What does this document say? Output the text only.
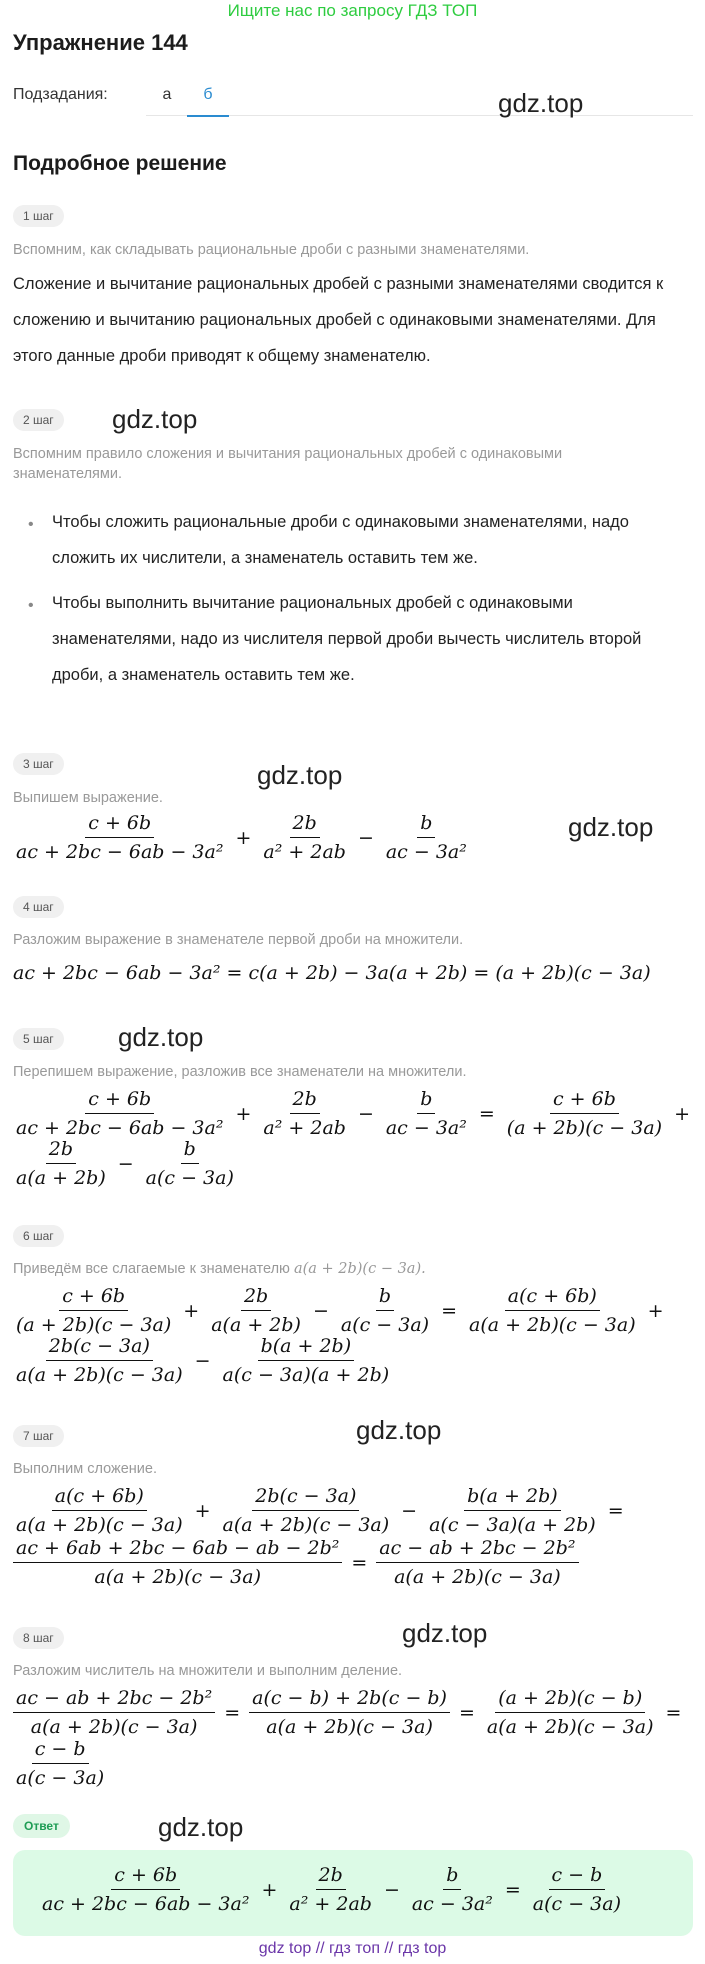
Ищите нас по запросу ГДЗ ТОП
Упражнение 144
Подзадания:	а	б	gdz.top
Подробное решение
1 шаг
Вспомним, как складывать рациональные дроби с разными знаменателями.
Сложение и вычитание рациональных дробей с разными знаменателями сводится к сложению и вычитанию рациональных дробей с одинаковыми знаменателями. Для этого данные дроби приводят к общему знаменателю.
2 шаг	gdz.top
Вспомним правило сложения и вычитания рациональных дробей с одинаковыми знаменателями.
• Чтобы сложить рациональные дроби с одинаковыми знаменателями, надо сложить их числители, а знаменатель оставить тем же.
• Чтобы выполнить вычитание рациональных дробей с одинаковыми знаменателями, надо из числителя первой дроби вычесть числитель второй дроби, а знаменатель оставить тем же.
3 шаг	gdz.top
Выпишем выражение.
gdz.top
$\frac{c + 6b}{\text{ac + 2bc − 6ab − 3a²}} + \frac{2b}{\text{a² + 2ab}} - \frac{b}{\text{ac − 3a²}}$
4 шаг
Разложим выражение в знаменателе первой дроби на множители.
ac + 2bc − 6ab − 3a² = c(a + 2b) − 3a(a + 2b) = (a + 2b)(c − 3a)
5 шаг	gdz.top
Перепишем выражение, разложив все знаменатели на множители.
$\frac{c + 6b}{\text{ac + 2bc − 6ab − 3a²}} + \frac{2b}{\text{a² + 2ab}} - \frac{b}{\text{ac − 3a²}} = \frac{c + 6b}{(a + 2b)(c - 3a)}$ +
$\frac{2b}{a(a + 2b)} - \frac{b}{a(c - 3a)}$
6 шаг
Приведём все слагаемые к знаменателю a(a + 2b)(c − 3a).
$\frac{c + 6b}{(a + 2b)(c - 3a)} + \frac{2b}{a(a + 2b)} - \frac{b}{a(c - 3a)} = \frac{a(c + 6b)}{a(a + 2b)(c - 3a)}$ +
$\frac{2b(c - 3a)}{a(a + 2b)(c - 3a)} - \frac{b(a + 2b)}{a(c - 3a)(a + 2b)}$
7 шаг	gdz.top
Выполним сложение.
$\frac{a(c + 6b)}{a(a + 2b)(c - 3a)} + \frac{2b(c - 3a)}{a(a + 2b)(c - 3a)} - \frac{b(a + 2b)}{a(c - 3a)(a + 2b)}$ =
$\frac{\text{ac + 6ab + 2bc − 6ab − ab − 2b²}}{a(a + 2b)(c - 3a)} = \frac{\text{ac − ab + 2bc − 2b²}}{a(a + 2b)(c - 3a)}$
8 шаг	gdz.top
Разложим числитель на множители и выполним деление.
$\frac{\text{ac − ab + 2bc − 2b²}}{a(a + 2b)(c - 3a)} = \frac{a(c - b) + 2b(c - b)}{a(a + 2b)(c - 3a)} = \frac{(a + 2b)(c - b)}{a(a + 2b)(c - 3a)}$ =
$\frac{c - b}{a(c - 3a)}$
Ответ	gdz.top
$\frac{c + 6b}{\text{ac + 2bc − 6ab − 3a²}} + \frac{2b}{\text{a² + 2ab}} - \frac{b}{\text{ac − 3a²}} = \frac{c - b}{a(c - 3a)}$
gdz top // гдз топ // гдз top
